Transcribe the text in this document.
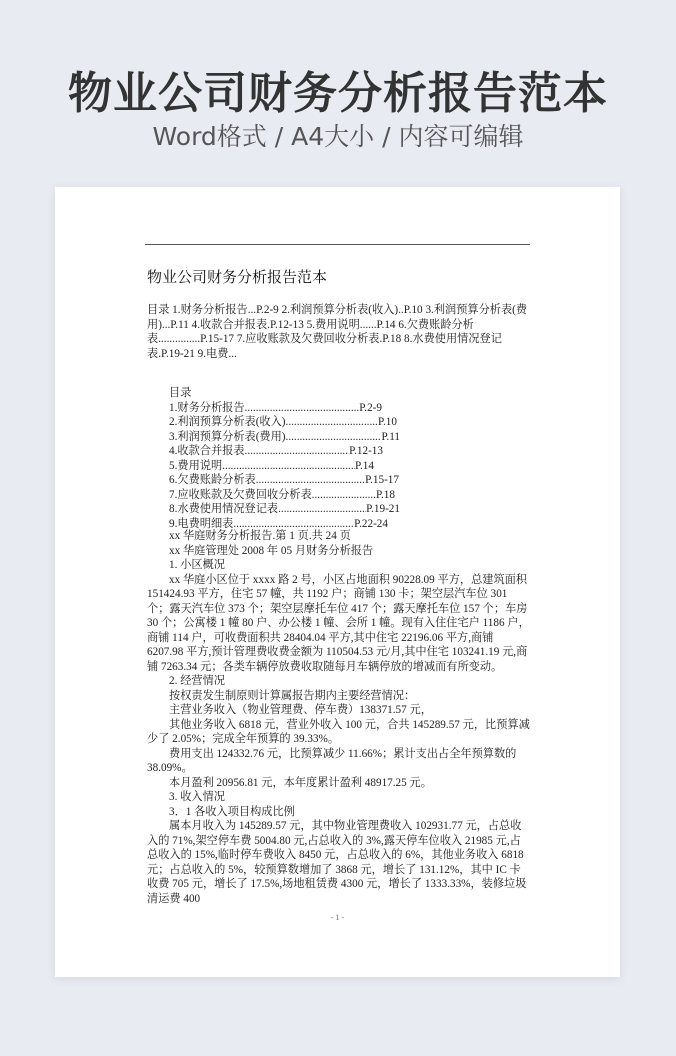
物业公司财务分析报告范本
Word格式 / A4大小 / 内容可编辑
物业公司财务分析报告范本
目录 1.财务分析报告...P.2-9 2.利润预算分析表(收入)..P.10 3.利润预算分析表(费用)...P.11 4.收款合并报表.P.12-13 5.费用说明......P.14 6.欠费账龄分析表...............P.15-17 7.应收账款及欠费回收分析表.P.18 8.水费使用情况登记表.P.19-21 9.电费...
目录
1.财务分析报告 .....	P.2-9
2.利润预算分析表(收入) .....	P.10
3.利润预算分析表(费用) .....	P.11
4.收款合并报表 .....	P.12-13
5.费用说明 .....	P.14
6.欠费账龄分析表 .....	P.15-17
7.应收账款及欠费回收分析表 .....	P.18
8.水费使用情况登记表 .....	P.19-21
9.电费明细表 .....	P.22-24

xx 华庭财务分析报告.第 1 页.共 24 页

xx 华庭管理处 2008 年 05 月财务分析报告

1. 小区概况

xx 华庭小区位于 xxxx 路 2 号，小区占地面积 90228.09 平方，总建筑面积 151424.93 平方，住宅 57 幢，共 1192 户；商铺 130 卡；架空层汽车位 301 个；露天汽车位 373 个；架空层摩托车位 417 个；露天摩托车位 157 个；车房 30 个；公寓楼 1 幢 80 户、办公楼 1 幢、会所 1 幢。现有入住住宅户 1186 户，商铺 114 户，可收费面积共 28404.04 平方,其中住宅 22196.06 平方,商铺 6207.98 平方,预计管理费收费金额为 110504.53 元/月,其中住宅 103241.19 元,商铺 7263.34 元；各类车辆停放费收取随每月车辆停放的增减而有所变动。

2. 经营情况

按权责发生制原则计算属报告期内主要经营情况：

主营业务收入（物业管理费、停车费）138371.57 元，

其他业务收入 6818 元，营业外收入 100 元，合共 145289.57 元，比预算减少了 2.05%；完成全年预算的 39.33%。

费用支出 124332.76 元，比预算减少 11.66%；累计支出占全年预算数的 38.09%。

本月盈利 20956.81 元，本年度累计盈利 48917.25 元。

3. 收入情况

3．1 各收入项目构成比例

属本月收入为 145289.57 元，其中物业管理费收入 102931.77 元，占总收入的 71%,架空停车费 5004.80 元,占总收入的 3%,露天停车位收入 21985 元,占总收入的 15%,临时停车费收入 8450 元，占总收入的 6%，其他业务收入 6818 元；占总收入的 5%，较预算数增加了 3868 元，增长了 131.12%，其中 IC 卡收费 705 元，增长了 17.5%,场地租赁费 4300 元，增长了 1333.33%，装修垃圾清运费 400

- 1 -
